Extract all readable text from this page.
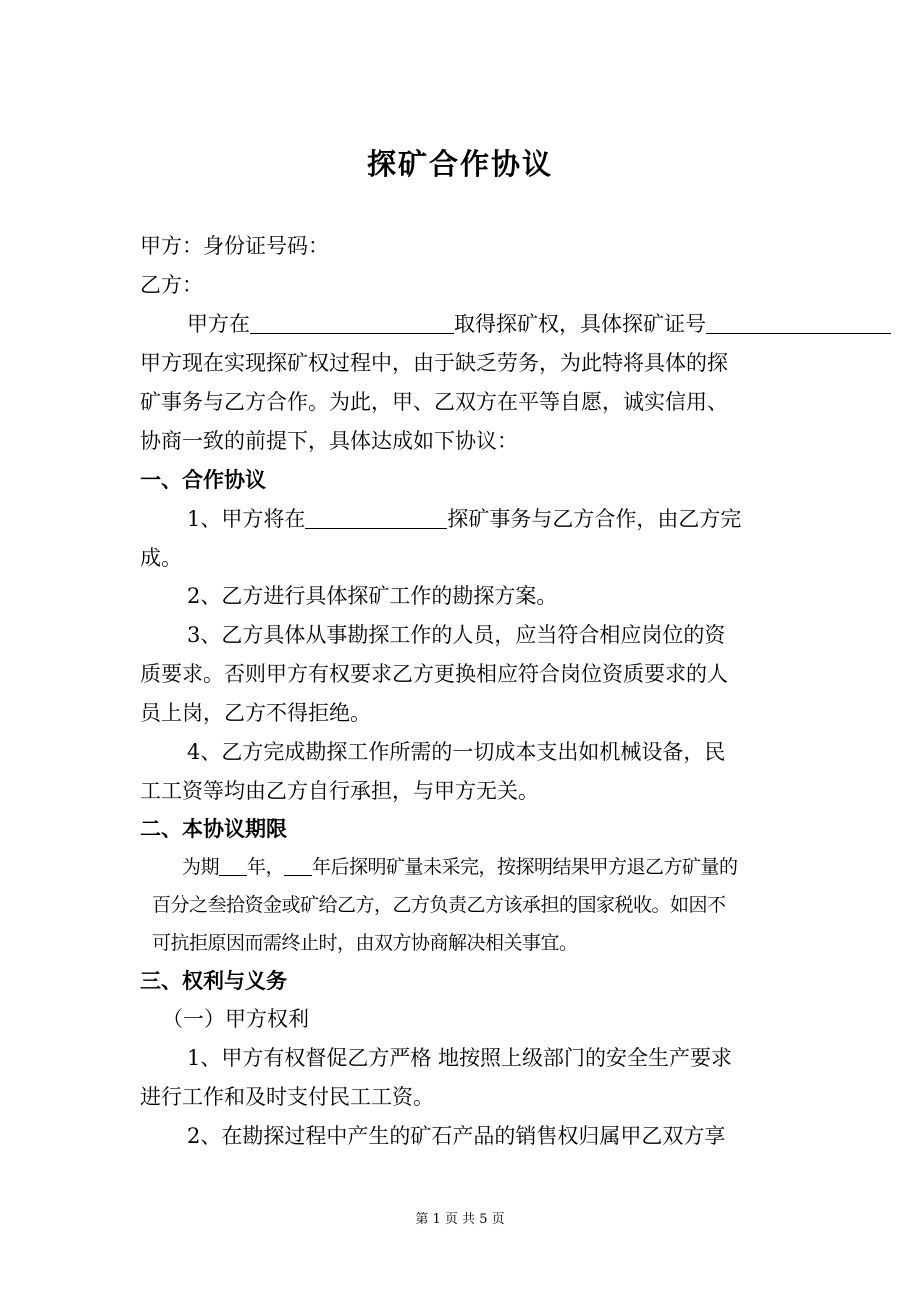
探矿合作协议
甲方：身份证号码：
乙方：
甲方在	取得探矿权，具体探矿证号
甲方现在实现探矿权过程中，由于缺乏劳务，为此特将具体的探
矿事务与乙方合作。为此，甲、乙双方在平等自愿，诚实信用、
协商一致的前提下，具体达成如下协议：
一、合作协议
1、甲方将在	探矿事务与乙方合作，由乙方完
成。
2、乙方进行具体探矿工作的勘探方案。
3、乙方具体从事勘探工作的人员，应当符合相应岗位的资
质要求。否则甲方有权要求乙方更换相应符合岗位资质要求的人
员上岗，乙方不得拒绝。
4、乙方完成勘探工作所需的一切成本支出如机械设备，民
工工资等均由乙方自行承担，与甲方无关。
二、本协议期限
为期 年， 年后探明矿量未采完，按探明结果甲方退乙方矿量的
百分之叁拾资金或矿给乙方，乙方负责乙方该承担的国家税收。如因不
可抗拒原因而需终止时，由双方协商解决相关事宜。
三、权利与义务
（一）甲方权利
1、甲方有权督促乙方严格 地按照上级部门的安全生产要求
进行工作和及时支付民工工资。
2、在勘探过程中产生的矿石产品的销售权归属甲乙双方享
第 1 页 共 5 页
